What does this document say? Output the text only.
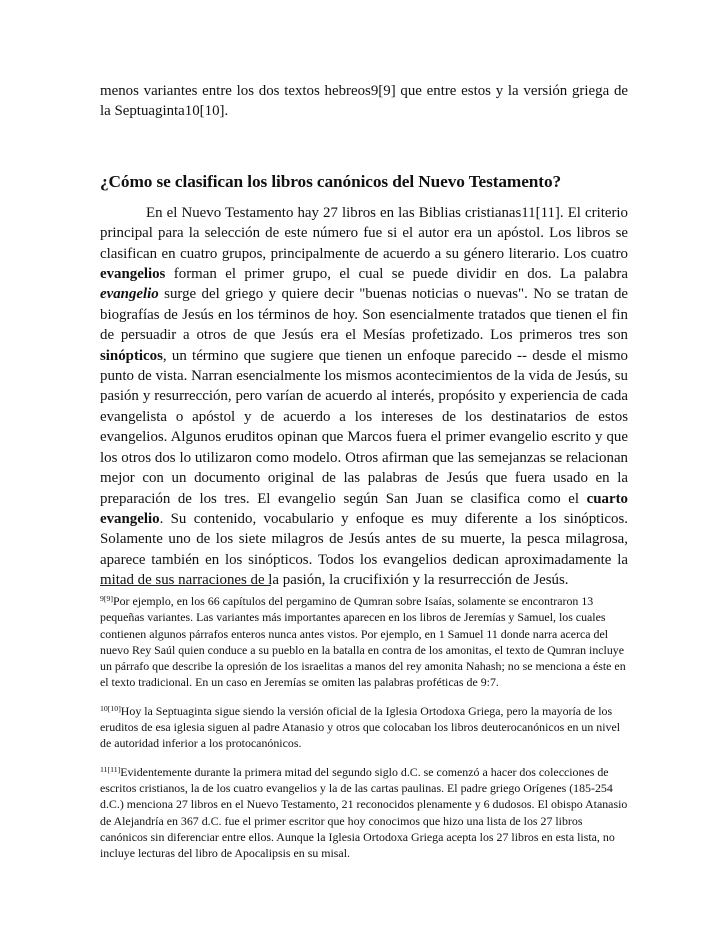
menos variantes entre los dos textos hebreos9[9] que entre estos y la versión griega de la Septuaginta10[10].

¿Cómo se clasifican los libros canónicos del Nuevo Testamento?

En el Nuevo Testamento hay 27 libros en las Biblias cristianas11[11]. El criterio principal para la selección de este número fue si el autor era un apóstol. Los libros se clasifican en cuatro grupos, principalmente de acuerdo a su género literario. Los cuatro evangelios forman el primer grupo, el cual se puede dividir en dos. La palabra evangelio surge del griego y quiere decir "buenas noticias o nuevas". No se tratan de biografías de Jesús en los términos de hoy. Son esencialmente tratados que tienen el fin de persuadir a otros de que Jesús era el Mesías profetizado. Los primeros tres son sinópticos, un término que sugiere que tienen un enfoque parecido -- desde el mismo punto de vista. Narran esencialmente los mismos acontecimientos de la vida de Jesús, su pasión y resurrección, pero varían de acuerdo al interés, propósito y experiencia de cada evangelista o apóstol y de acuerdo a los intereses de los destinatarios de estos evangelios. Algunos eruditos opinan que Marcos fuera el primer evangelio escrito y que los otros dos lo utilizaron como modelo. Otros afirman que las semejanzas se relacionan mejor con un documento original de las palabras de Jesús que fuera usado en la preparación de los tres. El evangelio según San Juan se clasifica como el cuarto evangelio. Su contenido, vocabulario y enfoque es muy diferente a los sinópticos. Solamente uno de los siete milagros de Jesús antes de su muerte, la pesca milagrosa, aparece también en los sinópticos. Todos los evangelios dedican aproximadamente la mitad de sus narraciones de la pasión, la crucifixión y la resurrección de Jesús.

$^{9[9]}$Por ejemplo, en los 66 capítulos del pergamino de Qumran sobre Isaías, solamente se encontraron 13 pequeñas variantes. Las variantes más importantes aparecen en los libros de Jeremías y Samuel, los cuales contienen algunos párrafos enteros nunca antes vistos. Por ejemplo, en 1 Samuel 11 donde narra acerca del nuevo Rey Saúl quien conduce a su pueblo en la batalla en contra de los amonitas, el texto de Qumran incluye un párrafo que describe la opresión de los israelitas a manos del rey amonita Nahash; no se menciona a éste en el texto tradicional. En un caso en Jeremías se omiten las palabras proféticas de 9:7.

$^{10[10]}$Hoy la Septuaginta sigue siendo la versión oficial de la Iglesia Ortodoxa Griega, pero la mayoría de los eruditos de esa iglesia siguen al padre Atanasio y otros que colocaban los libros deuterocanónicos en un nivel de autoridad inferior a los protocanónicos.

$^{11[11]}$Evidentemente durante la primera mitad del segundo siglo d.C. se comenzó a hacer dos colecciones de escritos cristianos, la de los cuatro evangelios y la de las cartas paulinas. El padre griego Orígenes (185-254 d.C.) menciona 27 libros en el Nuevo Testamento, 21 reconocidos plenamente y 6 dudosos. El obispo Atanasio de Alejandría en 367 d.C. fue el primer escritor que hoy conocimos que hizo una lista de los 27 libros canónicos sin diferenciar entre ellos. Aunque la Iglesia Ortodoxa Griega acepta los 27 libros en esta lista, no incluye lecturas del libro de Apocalipsis en su misal.
